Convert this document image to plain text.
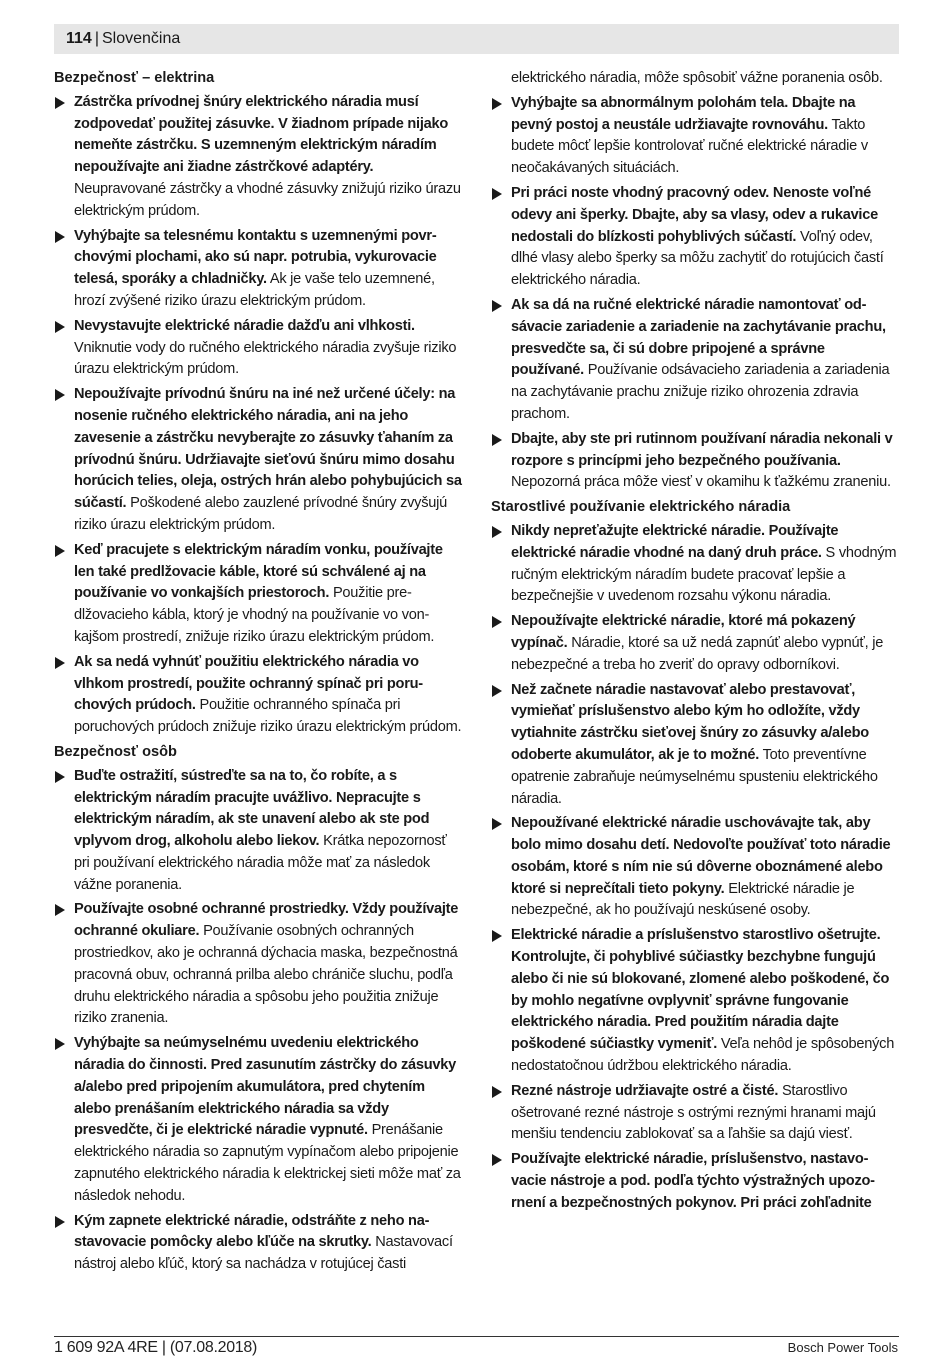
114 | Slovenčina
Bezpečnosť – elektrina
Zástrčka prívodnej šnúry elektrického náradia musí zodpovedať použitej zásuvke. V žiadnom prípade nijako nemeňte zástrčku. S uzemneným elektrickým náradím nepoužívajte ani žiadne zástrčkové adaptéry. Neupravované zástrčky a vhodné zásuvky znižujú riziko úrazu elektrickým prúdom.
Vyhýbajte sa telesnému kontaktu s uzemnenými povrchovými plochami, ako sú napr. potrubia, vykurovacie telesá, sporáky a chladničky. Ak je vaše telo uzemnené, hrozí zvýšené riziko úrazu elektrickým prúdom.
Nevystavujte elektrické náradie dažďu ani vlhkosti. Vniknutie vody do ručného elektrického náradia zvyšuje riziko úrazu elektrickým prúdom.
Nepoužívajte prívodnú šnúru na iné než určené účely: na nosenie ručného elektrického náradia, ani na jeho zavesenie a zástrčku nevyberajte zo zásuvky ťahaním za prívodnú šnúru. Udržiavajte sieťovú šnúru mimo dosahu horúcich telies, oleja, ostrých hrán alebo pohybujúcich sa súčastí. Poškodené alebo zauzlené prívodné šnúry zvyšujú riziko úrazu elektrickým prúdom.
Keď pracujete s elektrickým náradím vonku, používajte len také predlžovacie káble, ktoré sú schválené aj na používanie vo vonkajších priestoroch. Použitie predlžovacieho kábla, ktorý je vhodný na používanie vo vonkajšom prostredí, znižuje riziko úrazu elektrickým prúdom.
Ak sa nedá vyhnúť použitiu elektrického náradia vo vlhkom prostredí, použite ochranný spínač pri poruchových prúdoch. Použitie ochranného spínača pri poruchových prúdoch znižuje riziko úrazu elektrickým prúdom.
Bezpečnosť osôb
Buďte ostražití, sústreďte sa na to, čo robíte, a s elektrickým náradím pracujte uvážlivo. Nepracujte s elektrickým náradím, ak ste unavení alebo ak ste pod vplyvom drog, alkoholu alebo liekov. Krátka nepozornosť pri používaní elektrického náradia môže mať za následok vážne poranenia.
Používajte osobné ochranné prostriedky. Vždy používajte ochranné okuliare. Používanie osobných ochranných prostriedkov, ako je ochranná dýchacia maska, bezpečnostná pracovná obuv, ochranná prilba alebo chrániče sluchu, podľa druhu elektrického náradia a spôsobu jeho použitia znižuje riziko zranenia.
Vyhýbajte sa neúmyselnému uvedeniu elektrického náradia do činnosti. Pred zasunutím zástrčky do zásuvky a/alebo pred pripojením akumulátora, pred chytením alebo prenášaním elektrického náradia sa vždy presvedčte, či je elektrické náradie vypnuté. Prenášanie elektrického náradia so zapnutým vypínačom alebo pripojenie zapnutého elektrického náradia k elektrickej sieti môže mať za následok nehodu.
Kým zapnete elektrické náradie, odstráňte z neho nastavovacie pomôcky alebo kľúče na skrutky. Nastavovací nástroj alebo kľúč, ktorý sa nachádza v rotujúcej časti
elektrického náradia, môže spôsobiť vážne poranenia osôb.
Vyhýbajte sa abnormálnym polohám tela. Dbajte na pevný postoj a neustále udržiavajte rovnováhu. Takto budete môcť lepšie kontrolovať ručné elektrické náradie v neočakávaných situáciách.
Pri práci noste vhodný pracovný odev. Nenoste voľné odevy ani šperky. Dbajte, aby sa vlasy, odev a rukavice nedostali do blízkosti pohyblivých súčastí. Voľný odev, dlhé vlasy alebo šperky sa môžu zachytiť do rotujúcich častí elektrického náradia.
Ak sa dá na ručné elektrické náradie namontovať odsávacie zariadenie a zariadenie na zachytávanie prachu, presvedčte sa, či sú dobre pripojené a správne používané. Používanie odsávacieho zariadenia a zariadenia na zachytávanie prachu znižuje riziko ohrozenia zdravia prachom.
Dbajte, aby ste pri rutinnom používaní náradia nekonali v rozpore s princípmi jeho bezpečného používania. Nepozorná práca môže viesť v okamihu k ťažkému zraneniu.
Starostlivé používanie elektrického náradia
Nikdy nepreťažujte elektrické náradie. Používajte elektrické náradie vhodné na daný druh práce. S vhodným ručným elektrickým náradím budete pracovať lepšie a bezpečnejšie v uvedenom rozsahu výkonu náradia.
Nepoužívajte elektrické náradie, ktoré má pokazený vypínač. Náradie, ktoré sa už nedá zapnúť alebo vypnúť, je nebezpečné a treba ho zveriť do opravy odborníkovi.
Než začnete náradie nastavovať alebo prestavovať, vymieňať príslušenstvo alebo kým ho odložíte, vždy vytiahnite zástrčku sieťovej šnúry zo zásuvky a/alebo odoberte akumulátor, ak je to možné. Toto preventívne opatrenie zabraňuje neúmyselnému spusteniu elektrického náradia.
Nepoužívané elektrické náradie uschovávajte tak, aby bolo mimo dosahu detí. Nedovoľte používať toto náradie osobám, ktoré s ním nie sú dôverne oboznámené alebo ktoré si neprečítali tieto pokyny. Elektrické náradie je nebezpečné, ak ho používajú neskúsené osoby.
Elektrické náradie a príslušenstvo starostlivo ošetrujte. Kontrolujte, či pohyblivé súčiastky bezchybne fungujú alebo či nie sú blokované, zlomené alebo poškodené, čo by mohlo negatívne ovplyvniť správne fungovanie elektrického náradia. Pred použitím náradia dajte poškodené súčiastky vymeniť. Veľa nehôd je spôsobených nedostatočnou údržbou elektrického náradia.
Rezné nástroje udržiavajte ostré a čisté. Starostlivo ošetrované rezné nástroje s ostrými reznými hranami majú menšiu tendenciu zablokovať sa a ľahšie sa dajú viesť.
Používajte elektrické náradie, príslušenstvo, nastavovacie nástroje a pod. podľa týchto výstražných upozornení a bezpečnostných pokynov. Pri práci zohľadnite
1 609 92A 4RE | (07.08.2018)	Bosch Power Tools
